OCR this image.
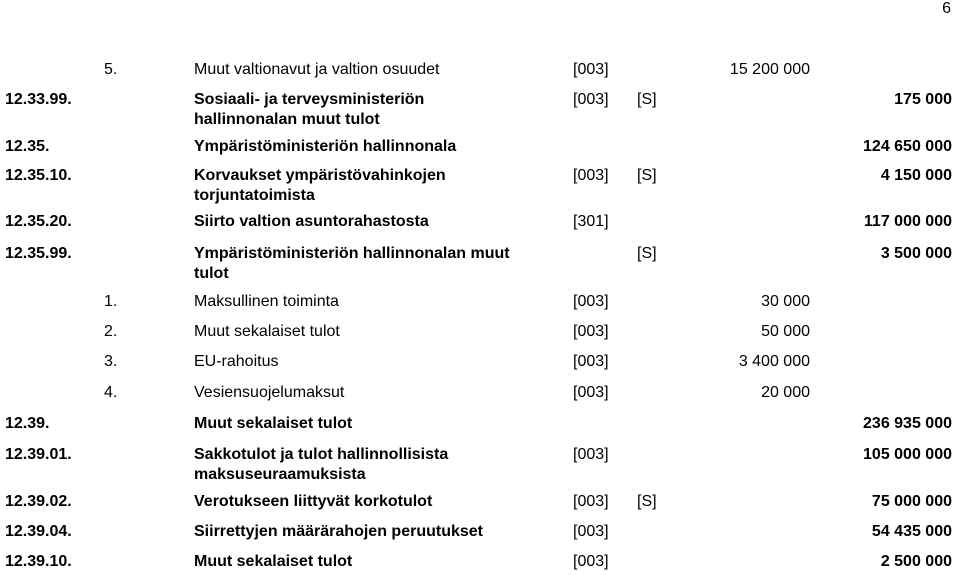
6
5.	Muut valtionavut ja valtion osuudet	[003]	15 200 000
12.33.99.	Sosiaali- ja terveysministeriön
hallinnonalan muut tulot
[003] [S]	175 000
12.35.	Ympäristöministeriön hallinnonala	124 650 000
12.35.10.	Korvaukset ympäristövahinkojen
torjuntatoimista
[003] [S]	4 150 000
12.35.20.	Siirto valtion asuntorahastosta	[301]	117 000 000
12.35.99.	Ympäristöministeriön hallinnonalan muut
tulot
[S]	3 500 000
1.	Maksullinen toiminta	[003]	30 000
2.	Muut sekalaiset tulot	[003]	50 000
3.	EU-rahoitus	[003]	3 400 000
4.	Vesiensuojelumaksut	[003]	20 000
12.39.	Muut sekalaiset tulot	236 935 000
12.39.01.	Sakkotulot ja tulot hallinnollisista
maksuseuraamuksista
[003]	105 000 000
12.39.02.	Verotukseen liittyvät korkotulot	[003] [S]	75 000 000
12.39.04.	Siirrettyjen määrärahojen peruutukset	[003]	54 435 000
12.39.10.	Muut sekalaiset tulot	[003]	2 500 000
